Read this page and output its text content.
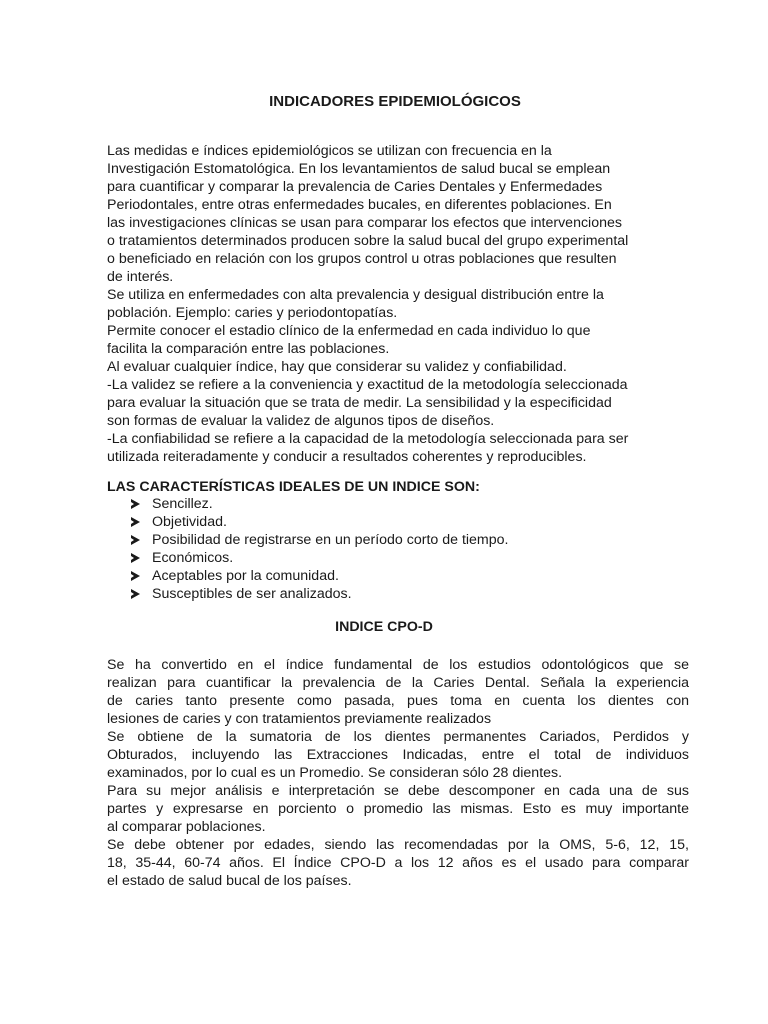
INDICADORES EPIDEMIOLÓGICOS
Las medidas e índices epidemiológicos se utilizan con frecuencia en la
Investigación Estomatológica. En los levantamientos de salud bucal se emplean
para cuantificar y comparar la prevalencia de Caries Dentales y Enfermedades
Periodontales, entre otras enfermedades bucales, en diferentes poblaciones. En
las investigaciones clínicas se usan para comparar los efectos que intervenciones
o tratamientos determinados producen sobre la salud bucal del grupo experimental
o beneficiado en relación con los grupos control u otras poblaciones que resulten
de interés.
Se utiliza en enfermedades con alta prevalencia y desigual distribución entre la
población. Ejemplo: caries y periodontopatías.
Permite conocer el estadio clínico de la enfermedad en cada individuo lo que
facilita la comparación entre las poblaciones.
Al evaluar cualquier índice, hay que considerar su validez y confiabilidad.
-La validez se refiere a la conveniencia y exactitud de la metodología seleccionada
para evaluar la situación que se trata de medir. La sensibilidad y la especificidad
son formas de evaluar la validez de algunos tipos de diseños.
-La confiabilidad se refiere a la capacidad de la metodología seleccionada para ser
utilizada reiteradamente y conducir a resultados coherentes y reproducibles.
LAS CARACTERÍSTICAS IDEALES DE UN INDICE SON:
Sencillez.
Objetividad.
Posibilidad de registrarse en un período corto de tiempo.
Económicos.
Aceptables por la comunidad.
Susceptibles de ser analizados.
INDICE CPO-D
Se ha convertido en el índice fundamental de los estudios odontológicos que se
realizan para cuantificar la prevalencia de la Caries Dental. Señala la experiencia
de caries tanto presente como pasada, pues toma en cuenta los dientes con
lesiones de caries y con tratamientos previamente realizados
Se obtiene de la sumatoria de los dientes permanentes Cariados, Perdidos y
Obturados, incluyendo las Extracciones Indicadas, entre el total de individuos
examinados, por lo cual es un Promedio. Se consideran sólo 28 dientes.
Para su mejor análisis e interpretación se debe descomponer en cada una de sus
partes y expresarse en porciento o promedio las mismas. Esto es muy importante
al comparar poblaciones.
Se debe obtener por edades, siendo las recomendadas por la OMS, 5-6, 12, 15,
18, 35-44, 60-74 años. El Índice CPO-D a los 12 años es el usado para comparar
el estado de salud bucal de los países.
